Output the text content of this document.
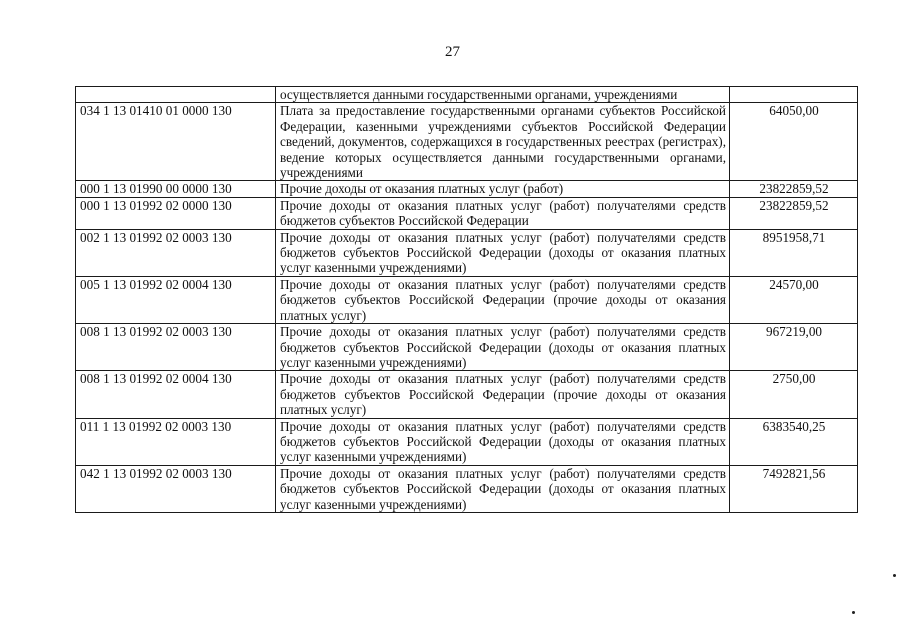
27
	осуществляется данными государственными органами, учреждениями	
034 1 13 01410 01 0000 130	Плата за предоставление государственными органами субъектов Российской Федерации, казенными учреждениями субъектов Российской Федерации сведений, документов, содержащихся в государственных реестрах (регистрах), ведение которых осуществляется данными государственными органами, учреждениями	64050,00
000 1 13 01990 00 0000 130	Прочие доходы от оказания платных услуг (работ)	23822859,52
000 1 13 01992 02 0000 130	Прочие доходы от оказания платных услуг (работ) получателями средств бюджетов субъектов Российской Федерации	23822859,52
002 1 13 01992 02 0003 130	Прочие доходы от оказания платных услуг (работ) получателями средств бюджетов субъектов Российской Федерации (доходы от оказания платных услуг казенными учреждениями)	8951958,71
005 1 13 01992 02 0004 130	Прочие доходы от оказания платных услуг (работ) получателями средств бюджетов субъектов Российской Федерации (прочие доходы от оказания платных услуг)	24570,00
008 1 13 01992 02 0003 130	Прочие доходы от оказания платных услуг (работ) получателями средств бюджетов субъектов Российской Федерации (доходы от оказания платных услуг казенными учреждениями)	967219,00
008 1 13 01992 02 0004 130	Прочие доходы от оказания платных услуг (работ) получателями средств бюджетов субъектов Российской Федерации (прочие доходы от оказания платных услуг)	2750,00
011 1 13 01992 02 0003 130	Прочие доходы от оказания платных услуг (работ) получателями средств бюджетов субъектов Российской Федерации (доходы от оказания платных услуг казенными учреждениями)	6383540,25
042 1 13 01992 02 0003 130	Прочие доходы от оказания платных услуг (работ) получателями средств бюджетов субъектов Российской Федерации (доходы от оказания платных услуг казенными учреждениями)	7492821,56
